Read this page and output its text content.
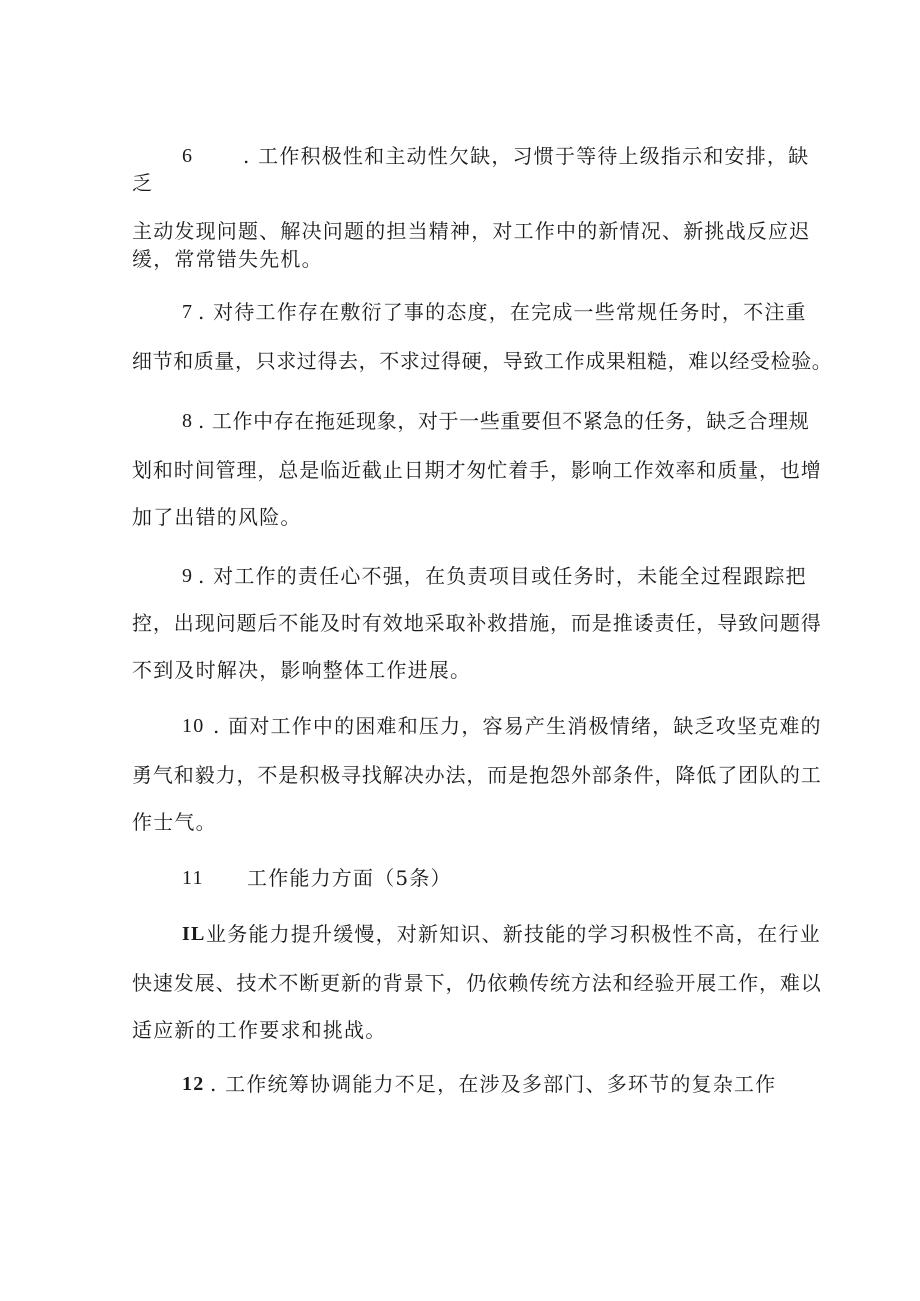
6 . 工作积极性和主动性欠缺，习惯于等待上级指示和安排，缺
乏
主动发现问题、解决问题的担当精神，对工作中的新情况、新挑战反应迟
缓，常常错失先机。
7 . 对待工作存在敷衍了事的态度，在完成一些常规任务时，不注重
细节和质量，只求过得去，不求过得硬，导致工作成果粗糙，难以经受检验。
8 . 工作中存在拖延现象，对于一些重要但不紧急的任务，缺乏合理规
划和时间管理，总是临近截止日期才匆忙着手，影响工作效率和质量，也增
加了出错的风险。
9 . 对工作的责任心不强，在负责项目或任务时，未能全过程跟踪把
控，出现问题后不能及时有效地采取补救措施，而是推诿责任，导致问题得
不到及时解决，影响整体工作进展。
10 . 面对工作中的困难和压力，容易产生消极情绪，缺乏攻坚克难的
勇气和毅力，不是积极寻找解决办法，而是抱怨外部条件，降低了团队的工
作士气。
11 工作能力方面（5条）
IL 业务能力提升缓慢，对新知识、新技能的学习积极性不高，在行业
快速发展、技术不断更新的背景下，仍依赖传统方法和经验开展工作，难以
适应新的工作要求和挑战。
12 . 工作统筹协调能力不足，在涉及多部门、多环节的复杂工作
